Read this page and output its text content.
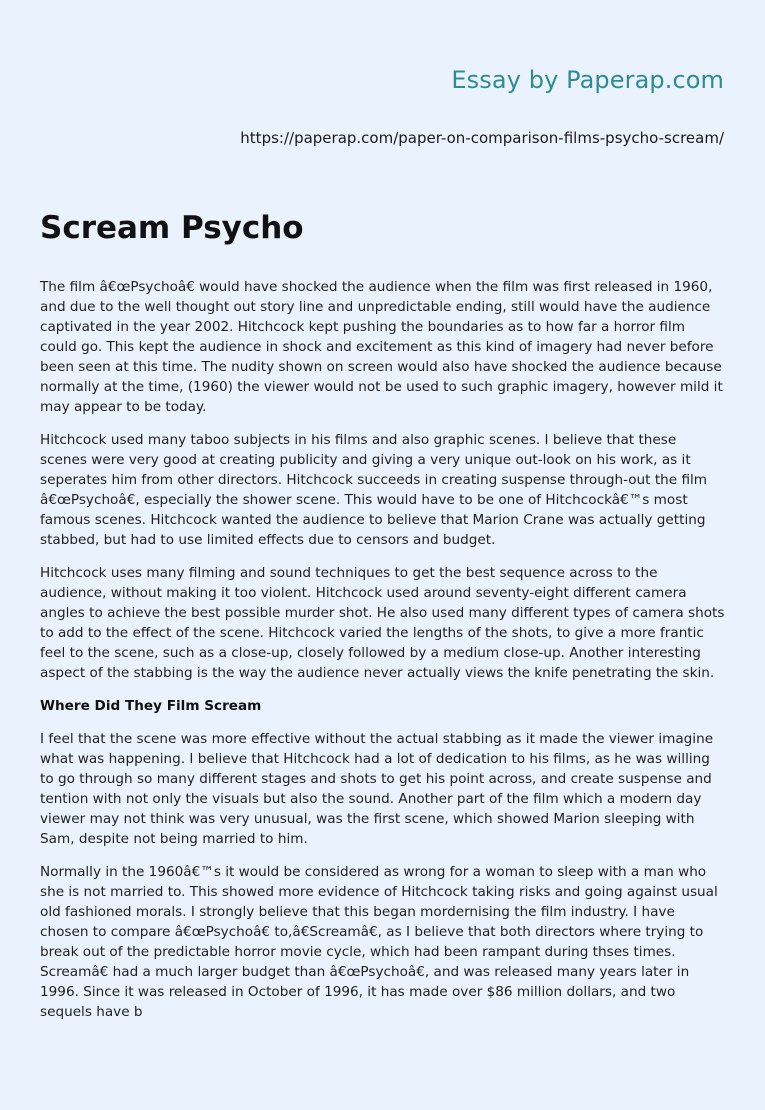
Essay by Paperap.com
https://paperap.com/paper-on-comparison-films-psycho-scream/
Scream Psycho

The film â€œPsychoâ€ would have shocked the audience when the film was first released in 1960, and due to the well thought out story line and unpredictable ending, still would have the audience captivated in the year 2002. Hitchcock kept pushing the boundaries as to how far a horror film could go. This kept the audience in shock and excitement as this kind of imagery had never before been seen at this time. The nudity shown on screen would also have shocked the audience because normally at the time, (1960) the viewer would not be used to such graphic imagery, however mild it may appear to be today.

Hitchcock used many taboo subjects in his films and also graphic scenes. I believe that these scenes were very good at creating publicity and giving a very unique out-look on his work, as it seperates him from other directors. Hitchcock succeeds in creating suspense through-out the film â€œPsychoâ€, especially the shower scene. This would have to be one of Hitchcockâ€™s most famous scenes. Hitchcock wanted the audience to believe that Marion Crane was actually getting stabbed, but had to use limited effects due to censors and budget.

Hitchcock uses many filming and sound techniques to get the best sequence across to the audience, without making it too violent. Hitchcock used around seventy-eight different camera angles to achieve the best possible murder shot. He also used many different types of camera shots to add to the effect of the scene. Hitchcock varied the lengths of the shots, to give a more frantic feel to the scene, such as a close-up, closely followed by a medium close-up. Another interesting aspect of the stabbing is the way the audience never actually views the knife penetrating the skin.

Where Did They Film Scream

I feel that the scene was more effective without the actual stabbing as it made the viewer imagine what was happening. I believe that Hitchcock had a lot of dedication to his films, as he was willing to go through so many different stages and shots to get his point across, and create suspense and tention with not only the visuals but also the sound. Another part of the film which a modern day viewer may not think was very unusual, was the first scene, which showed Marion sleeping with Sam, despite not being married to him.

Normally in the 1960â€™s it would be considered as wrong for a woman to sleep with a man who she is not married to. This showed more evidence of Hitchcock taking risks and going against usual old fashioned morals. I strongly believe that this began mordernising the film industry. I have chosen to compare â€œPsychoâ€ to,â€Screamâ€, as I believe that both directors where trying to break out of the predictable horror movie cycle, which had been rampant during thses times. Screamâ€ had a much larger budget than â€œPsychoâ€, and was released many years later in 1996. Since it was released in October of 1996, it has made over $86 million dollars, and two sequels have b
